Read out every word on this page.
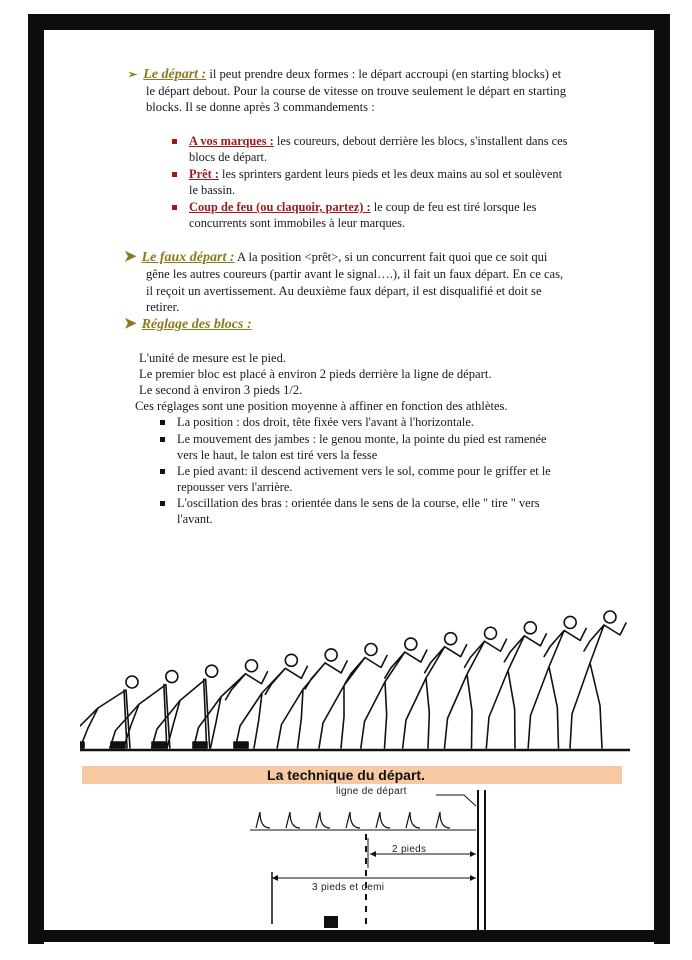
➢ Le départ : il peut prendre deux formes : le départ accroupi (en starting blocks) et
le départ debout. Pour la course de vitesse on trouve seulement le départ en starting
blocks. Il se donne après 3 commandements :
A vos marques : les coureurs, debout derrière les blocs, s'installent dans ces
blocs de départ.
Prêt : les sprinters gardent leurs pieds et les deux mains au sol et soulèvent
le bassin.
Coup de feu (ou claquoir, partez) : le coup de feu est tiré lorsque les
concurrents sont immobiles à leur marques.
➤ Le faux départ : A la position <prêt>, si un concurrent fait quoi que ce soit qui
gêne les autres coureurs (partir avant le signal….), il fait un faux départ. En ce cas,
il reçoit un avertissement. Au deuxième faux départ, il est disqualifié et doit se
retirer.
➤ Réglage des blocs :
L'unité de mesure est le pied.
Le premier bloc est placé à environ 2 pieds derrière la ligne de départ.
Le second à environ 3 pieds 1/2.
Ces réglages sont une position moyenne à affiner en fonction des athlètes.
La position : dos droit, tête fixée vers l'avant à l'horizontale.
Le mouvement des jambes : le genou monte, la pointe du pied est ramenée
vers le haut, le talon est tiré vers la fesse
Le pied avant: il descend activement vers le sol, comme pour le griffer et le
repousser vers l'arrière.
L'oscillation des bras : orientée dans le sens de la course, elle " tire " vers
l'avant.
La technique du départ.
ligne de départ
2 pieds
3 pieds et demi
